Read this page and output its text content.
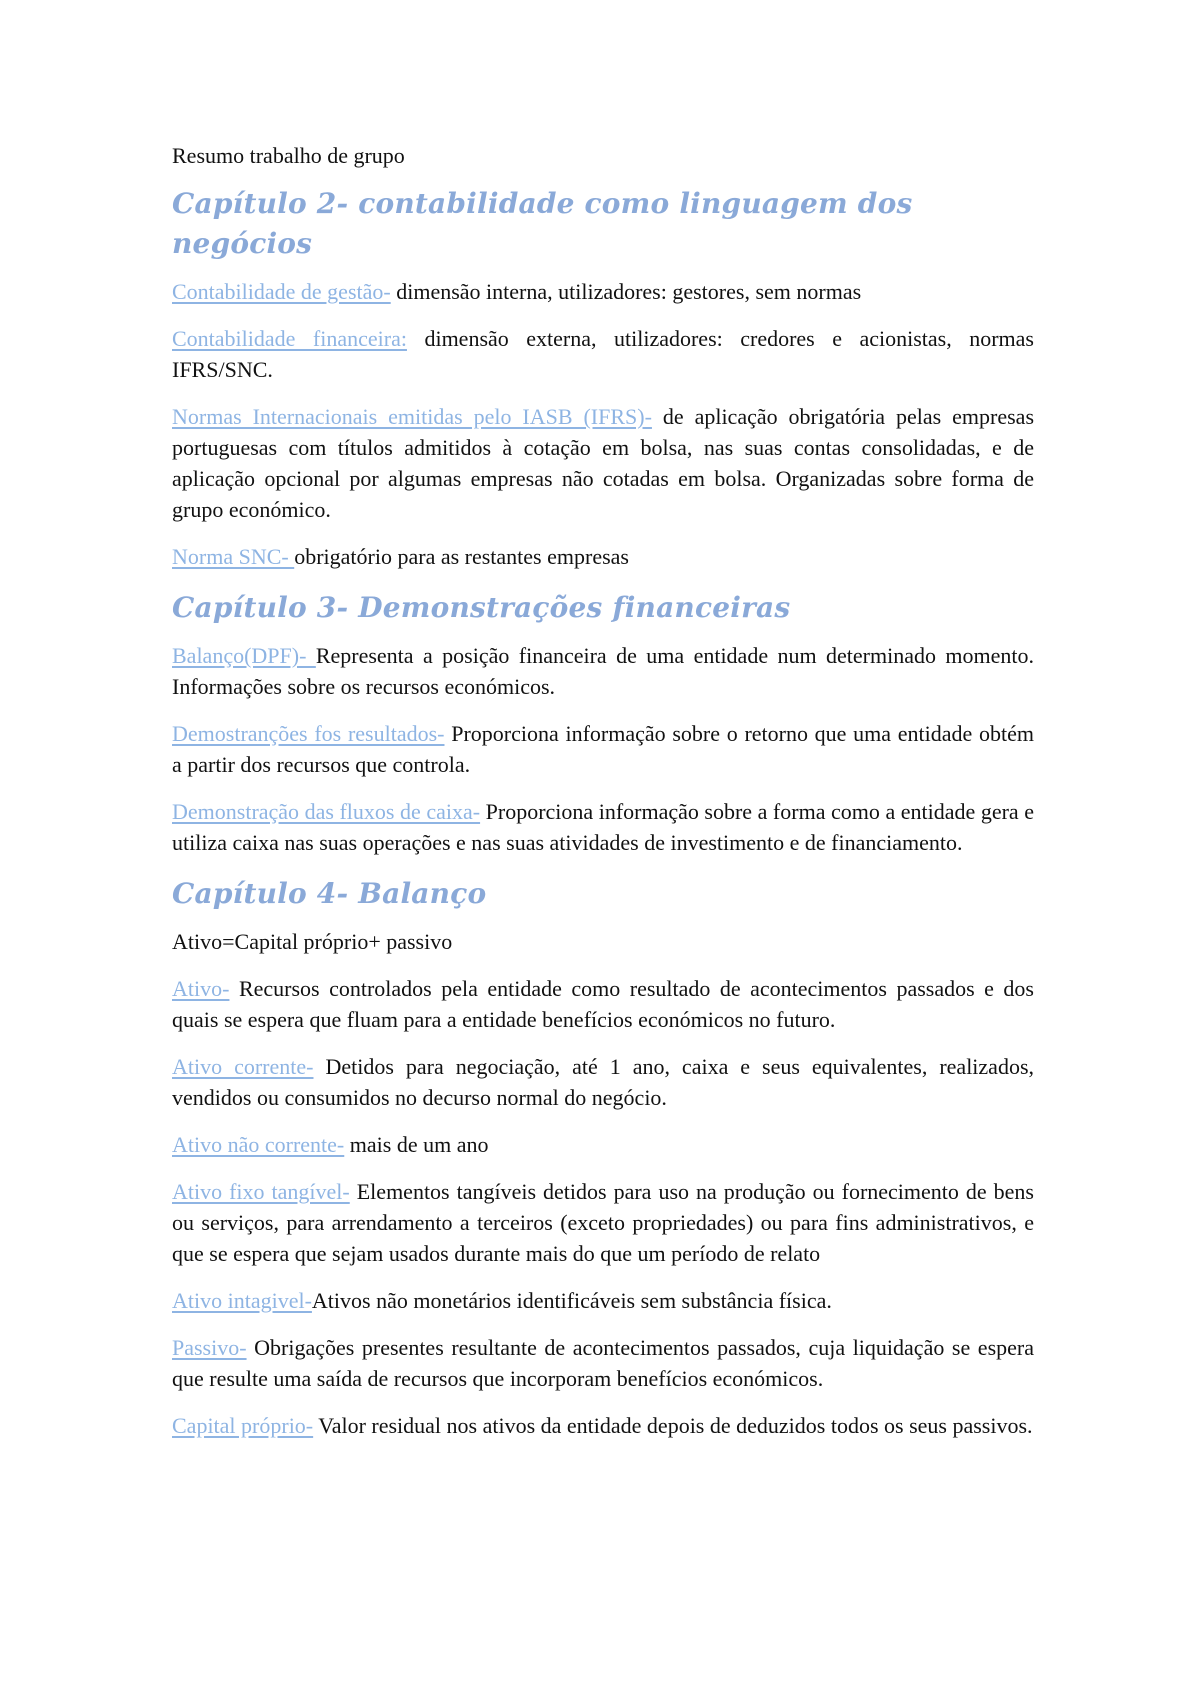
Resumo trabalho de grupo

Capítulo 2- contabilidade como linguagem dos negócios

Contabilidade de gestão- dimensão interna, utilizadores: gestores, sem normas

Contabilidade financeira: dimensão externa, utilizadores: credores e acionistas, normas IFRS/SNC.

Normas Internacionais emitidas pelo IASB (IFRS)- de aplicação obrigatória pelas empresas portuguesas com títulos admitidos à cotação em bolsa, nas suas contas consolidadas, e de aplicação opcional por algumas empresas não cotadas em bolsa. Organizadas sobre forma de grupo económico.

Norma SNC- obrigatório para as restantes empresas

Capítulo 3- Demonstrações financeiras

Balanço(DPF)- Representa a posição financeira de uma entidade num determinado momento. Informações sobre os recursos económicos.

Demostranções fos resultados- Proporciona informação sobre o retorno que uma entidade obtém a partir dos recursos que controla.

Demonstração das fluxos de caixa- Proporciona informação sobre a forma como a entidade gera e utiliza caixa nas suas operações e nas suas atividades de investimento e de financiamento.

Capítulo 4- Balanço

Ativo=Capital próprio+ passivo

Ativo- Recursos controlados pela entidade como resultado de acontecimentos passados e dos quais se espera que fluam para a entidade benefícios económicos no futuro.

Ativo corrente- Detidos para negociação, até 1 ano, caixa e seus equivalentes, realizados, vendidos ou consumidos no decurso normal do negócio.

Ativo não corrente- mais de um ano

Ativo fixo tangível- Elementos tangíveis detidos para uso na produção ou fornecimento de bens ou serviços, para arrendamento a terceiros (exceto propriedades) ou para fins administrativos, e que se espera que sejam usados durante mais do que um período de relato

Ativo intagivel-Ativos não monetários identificáveis sem substância física.

Passivo- Obrigações presentes resultante de acontecimentos passados, cuja liquidação se espera que resulte uma saída de recursos que incorporam benefícios económicos.

Capital próprio- Valor residual nos ativos da entidade depois de deduzidos todos os seus passivos.
